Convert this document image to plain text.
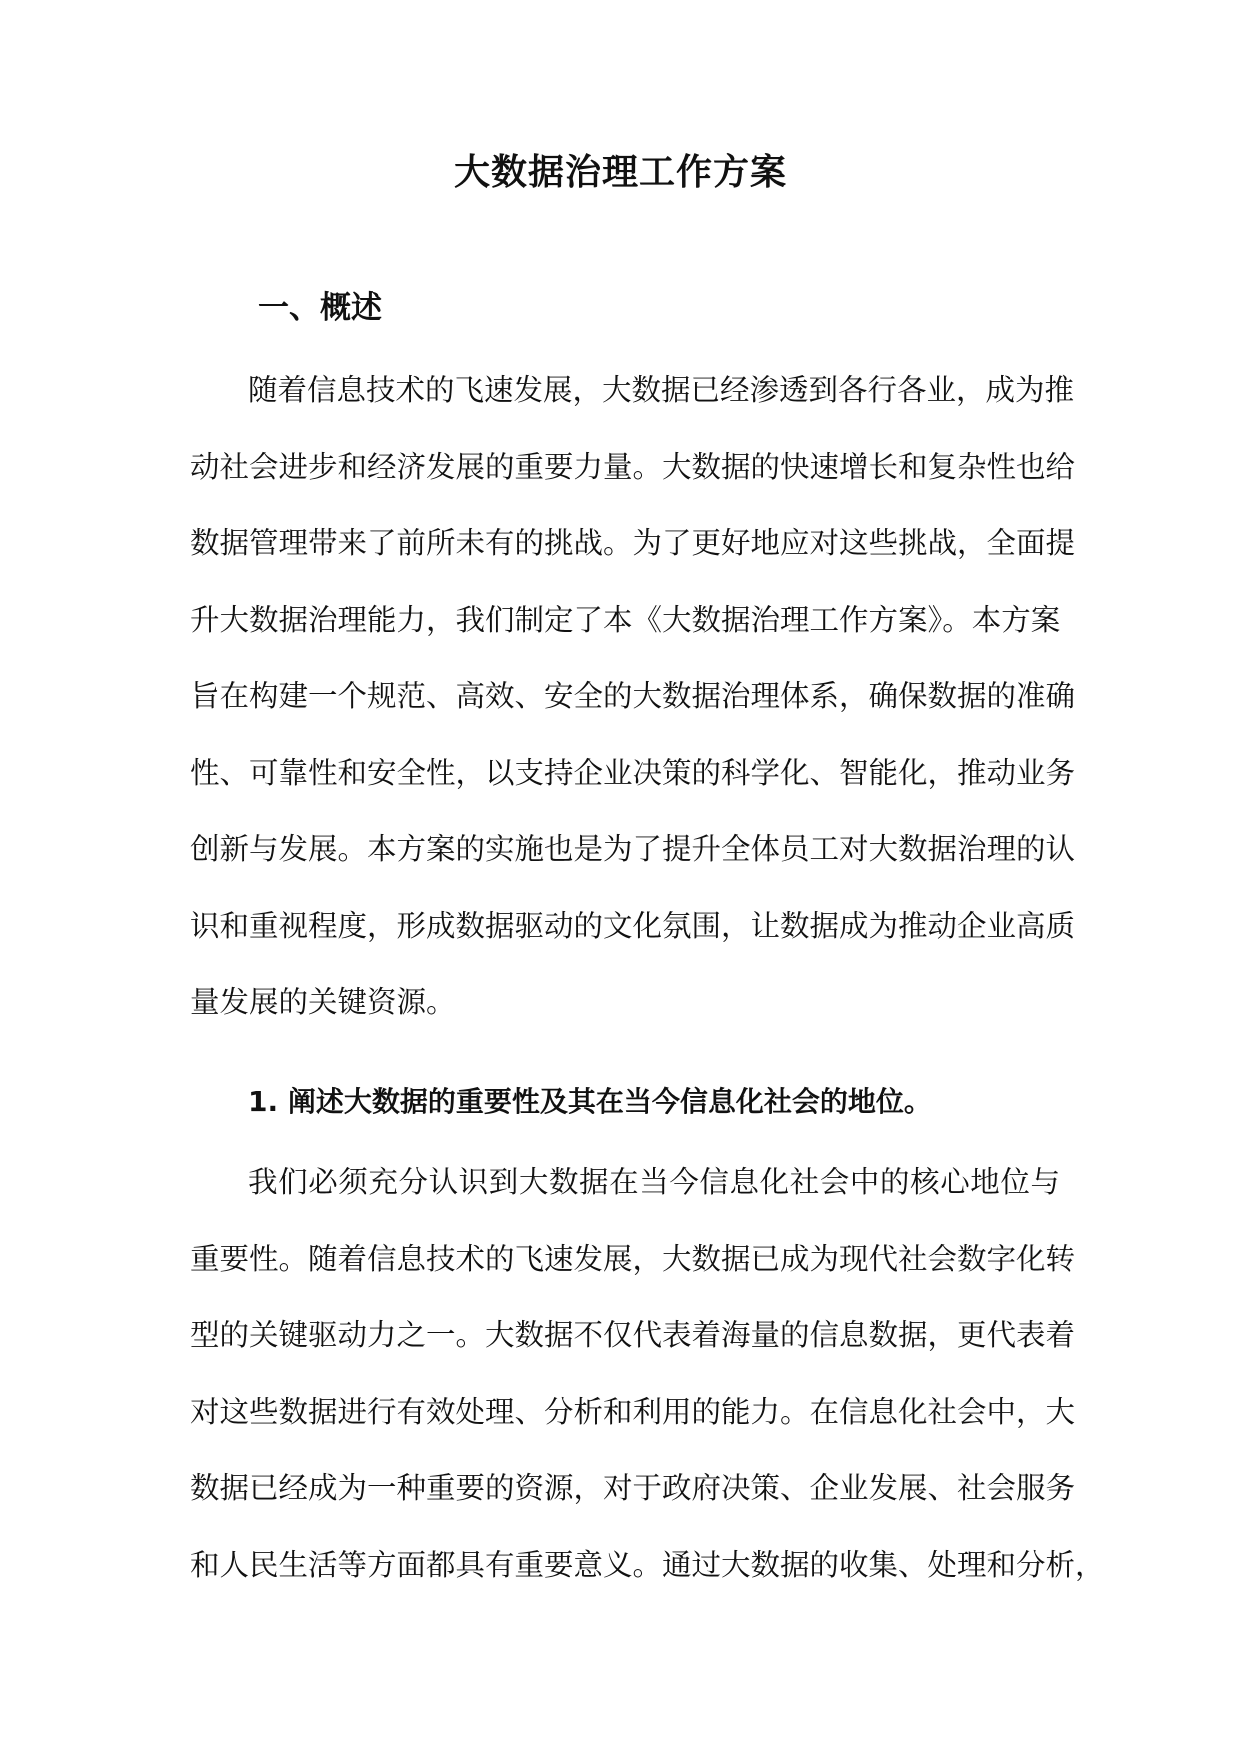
大数据治理工作方案
一、概述
随着信息技术的飞速发展，大数据已经渗透到各行各业，成为推
动社会进步和经济发展的重要力量。大数据的快速增长和复杂性也给
数据管理带来了前所未有的挑战。为了更好地应对这些挑战，全面提
升大数据治理能力，我们制定了本《大数据治理工作方案》。本方案
旨在构建一个规范、高效、安全的大数据治理体系，确保数据的准确
性、可靠性和安全性，以支持企业决策的科学化、智能化，推动业务
创新与发展。本方案的实施也是为了提升全体员工对大数据治理的认
识和重视程度，形成数据驱动的文化氛围，让数据成为推动企业高质
量发展的关键资源。
1. 阐述大数据的重要性及其在当今信息化社会的地位。
我们必须充分认识到大数据在当今信息化社会中的核心地位与
重要性。随着信息技术的飞速发展，大数据已成为现代社会数字化转
型的关键驱动力之一。大数据不仅代表着海量的信息数据，更代表着
对这些数据进行有效处理、分析和利用的能力。在信息化社会中，大
数据已经成为一种重要的资源，对于政府决策、企业发展、社会服务
和人民生活等方面都具有重要意义。通过大数据的收集、处理和分析，
